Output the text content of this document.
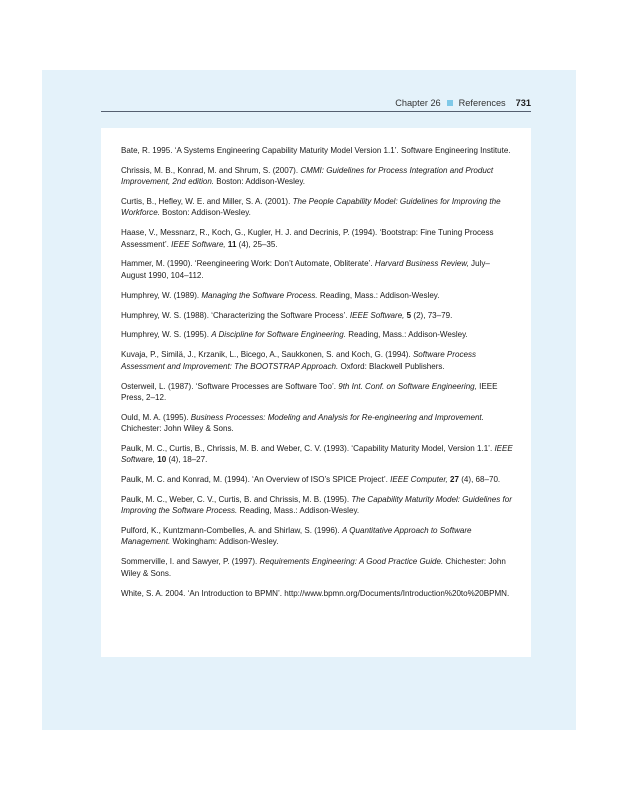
Chapter 26 References 731
Bate, R. 1995. ‘A Systems Engineering Capability Maturity Model Version 1.1’. Software Engineering Institute.
Chrissis, M. B., Konrad, M. and Shrum, S. (2007). CMMI: Guidelines for Process Integration and Product Improvement, 2nd edition. Boston: Addison-Wesley.
Curtis, B., Hefley, W. E. and Miller, S. A. (2001). The People Capability Model: Guidelines for Improving the Workforce. Boston: Addison-Wesley.
Haase, V., Messnarz, R., Koch, G., Kugler, H. J. and Decrinis, P. (1994). ‘Bootstrap: Fine Tuning Process Assessment’. IEEE Software, 11 (4), 25–35.
Hammer, M. (1990). ‘Reengineering Work: Don’t Automate, Obliterate’. Harvard Business Review, July–August 1990, 104–112.
Humphrey, W. (1989). Managing the Software Process. Reading, Mass.: Addison-Wesley.
Humphrey, W. S. (1988). ‘Characterizing the Software Process’. IEEE Software, 5 (2), 73–79.
Humphrey, W. S. (1995). A Discipline for Software Engineering. Reading, Mass.: Addison-Wesley.
Kuvaja, P., Similä, J., Krzanik, L., Bicego, A., Saukkonen, S. and Koch, G. (1994). Software Process Assessment and Improvement: The BOOTSTRAP Approach. Oxford: Blackwell Publishers.
Osterweil, L. (1987). ‘Software Processes are Software Too’. 9th Int. Conf. on Software Engineering, IEEE Press, 2–12.
Ould, M. A. (1995). Business Processes: Modeling and Analysis for Re-engineering and Improvement. Chichester: John Wiley & Sons.
Paulk, M. C., Curtis, B., Chrissis, M. B. and Weber, C. V. (1993). ‘Capability Maturity Model, Version 1.1’. IEEE Software, 10 (4), 18–27.
Paulk, M. C. and Konrad, M. (1994). ‘An Overview of ISO’s SPICE Project’. IEEE Computer, 27 (4), 68–70.
Paulk, M. C., Weber, C. V., Curtis, B. and Chrissis, M. B. (1995). The Capability Maturity Model: Guidelines for Improving the Software Process. Reading, Mass.: Addison-Wesley.
Pulford, K., Kuntzmann-Combelles, A. and Shirlaw, S. (1996). A Quantitative Approach to Software Management. Wokingham: Addison-Wesley.
Sommerville, I. and Sawyer, P. (1997). Requirements Engineering: A Good Practice Guide. Chichester: John Wiley & Sons.
White, S. A. 2004. ‘An Introduction to BPMN’. http://www.bpmn.org/Documents/Introduction%20to%20BPMN.
